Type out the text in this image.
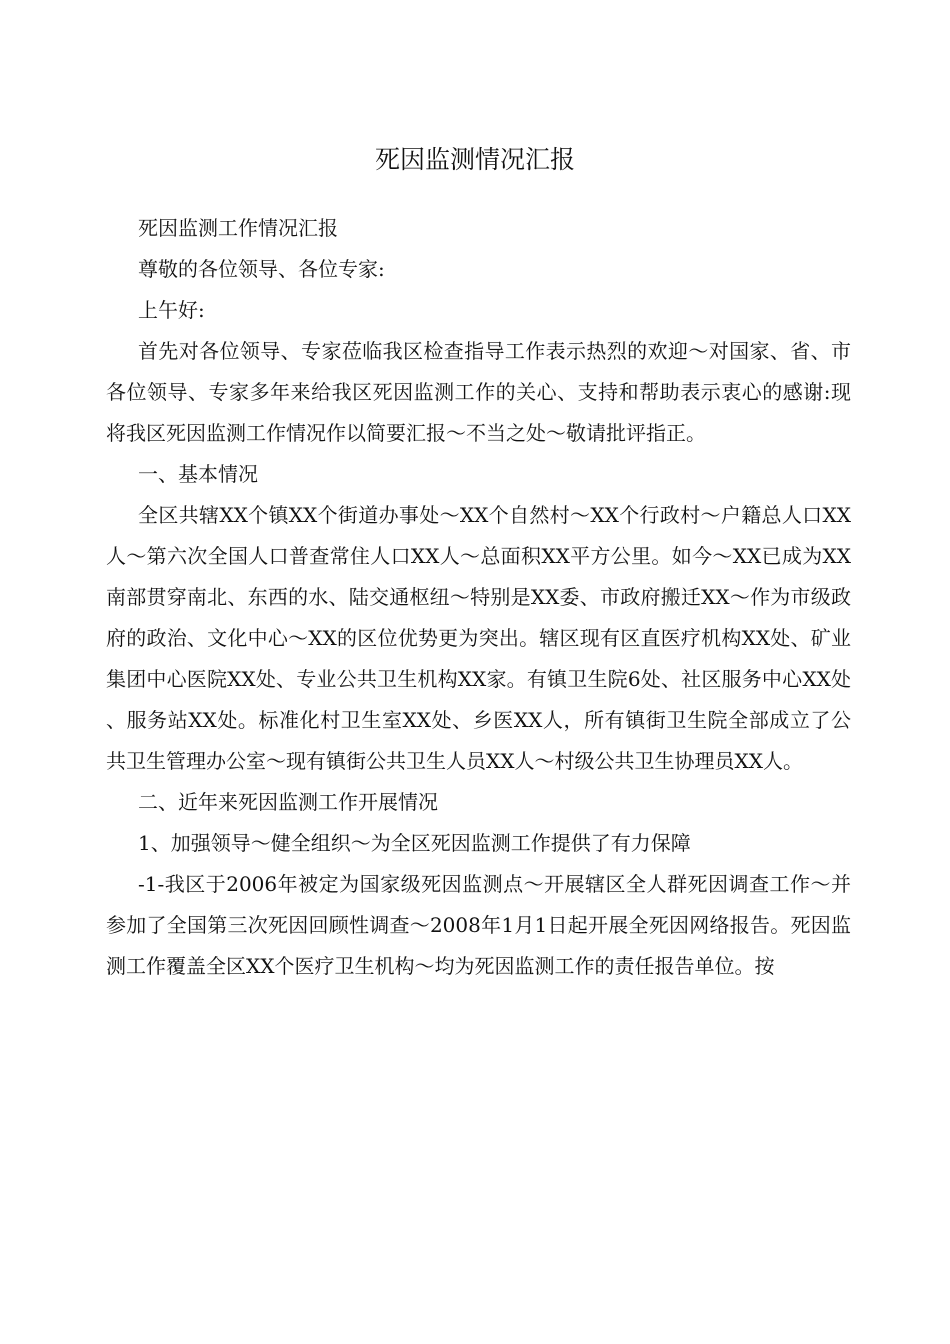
死因监测情况汇报

死因监测工作情况汇报

尊敬的各位领导、各位专家:

上午好:

首先对各位领导、专家莅临我区检查指导工作表示热烈的欢迎〜对国家、省、市各位领导、专家多年来给我区死因监测工作的关心、支持和帮助表示衷心的感谢:现将我区死因监测工作情况作以简要汇报〜不当之处〜敬请批评指正。

一、基本情况

全区共辖XX个镇XX个街道办事处〜XX个自然村〜XX个行政村〜户籍总人口XX人〜第六次全国人口普查常住人口XX人〜总面积XX平方公里。如今〜XX已成为XX南部贯穿南北、东西的水、陆交通枢纽〜特别是XX委、市政府搬迁XX〜作为市级政府的政治、文化中心〜XX的区位优势更为突出。辖区现有区直医疗机构XX处、矿业集团中心医院XX处、专业公共卫生机构XX家。有镇卫生院6处、社区服务中心XX处、服务站XX处。标准化村卫生室XX处、乡医XX人，所有镇街卫生院全部成立了公共卫生管理办公室〜现有镇街公共卫生人员XX人〜村级公共卫生协理员XX人。

二、近年来死因监测工作开展情况

1、加强领导〜健全组织〜为全区死因监测工作提供了有力保障

-1-我区于2006年被定为国家级死因监测点〜开展辖区全人群死因调查工作〜并参加了全国第三次死因回顾性调查〜2008年1月1日起开展全死因网络报告。死因监测工作覆盖全区XX个医疗卫生机构〜均为死因监测工作的责任报告单位。按
